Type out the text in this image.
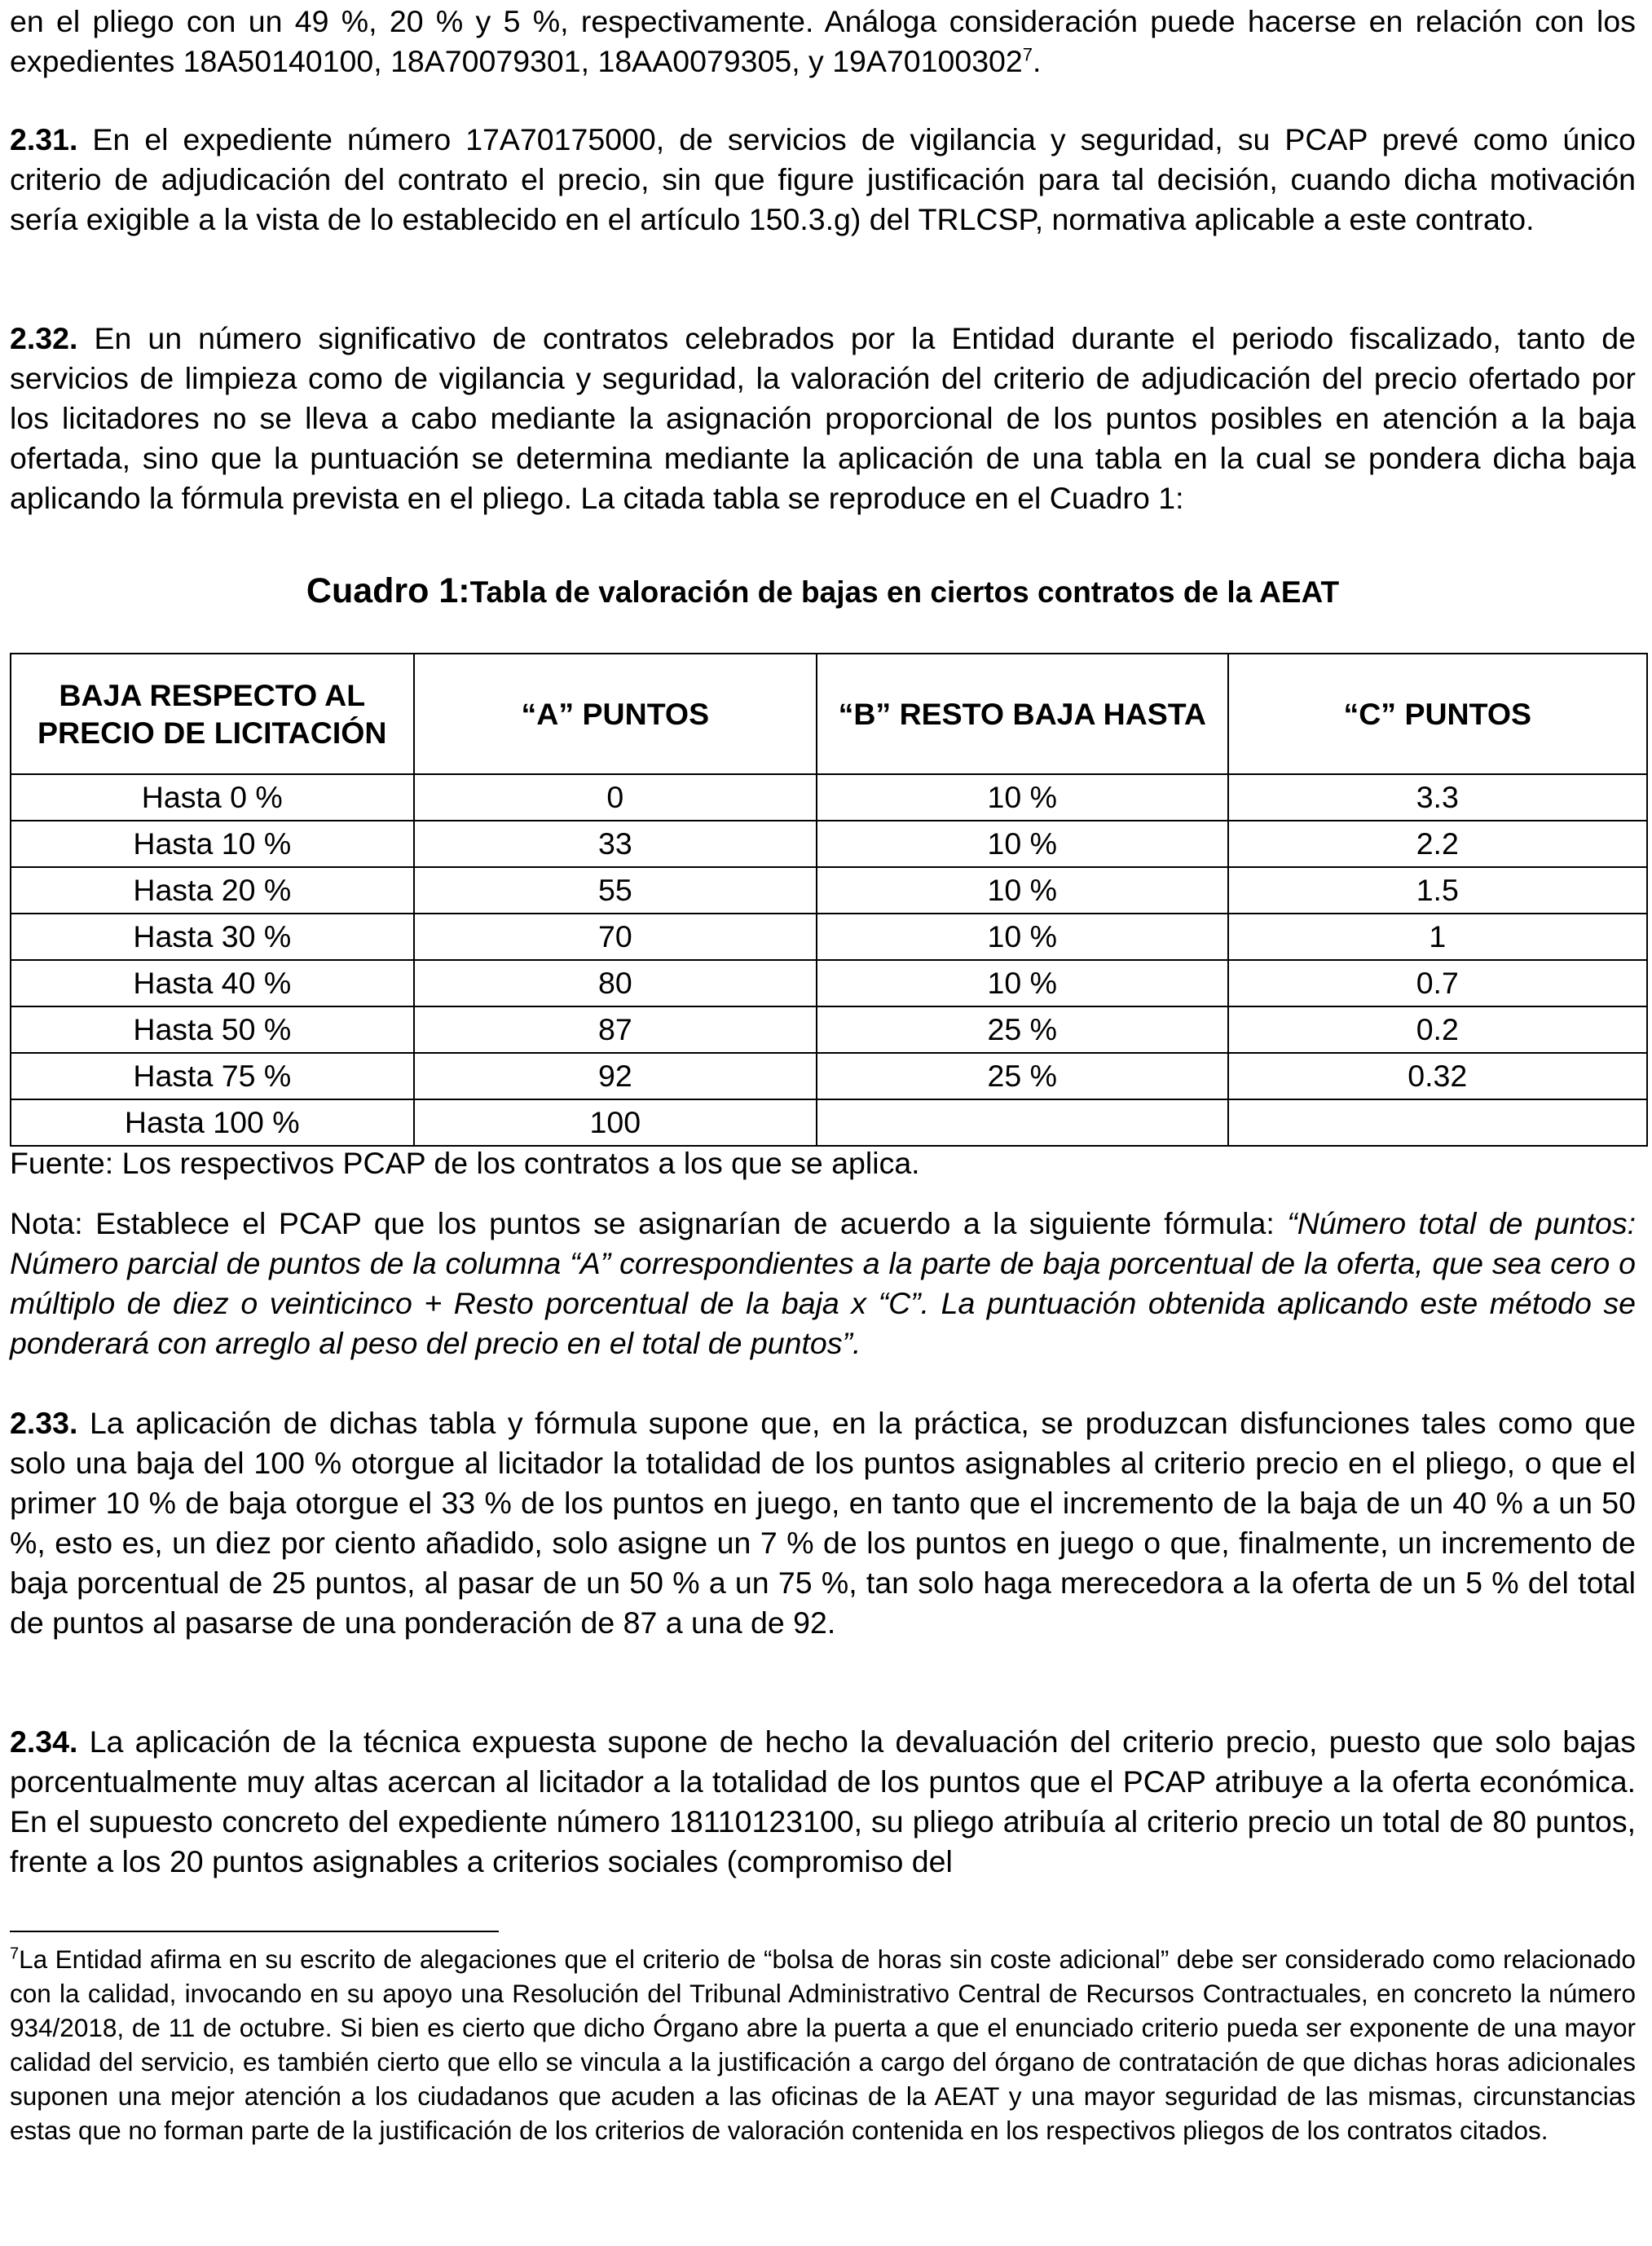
en el pliego con un 49 %, 20 % y 5 %, respectivamente. Análoga consideración puede hacerse en relación con los expedientes 18A50140100, 18A70079301, 18AA0079305, y 19A70100302$^7$.

2.31. En el expediente número 17A70175000, de servicios de vigilancia y seguridad, su PCAP prevé como único criterio de adjudicación del contrato el precio, sin que figure justificación para tal decisión, cuando dicha motivación sería exigible a la vista de lo establecido en el artículo 150.3.g) del TRLCSP, normativa aplicable a este contrato.

2.32. En un número significativo de contratos celebrados por la Entidad durante el periodo fiscalizado, tanto de servicios de limpieza como de vigilancia y seguridad, la valoración del criterio de adjudicación del precio ofertado por los licitadores no se lleva a cabo mediante la asignación proporcional de los puntos posibles en atención a la baja ofertada, sino que la puntuación se determina mediante la aplicación de una tabla en la cual se pondera dicha baja aplicando la fórmula prevista en el pliego. La citada tabla se reproduce en el Cuadro 1:

Cuadro 1:Tabla de valoración de bajas en ciertos contratos de la AEAT
BAJA RESPECTO AL PRECIO DE LICITACIÓN	“A” PUNTOS	“B” RESTO BAJA HASTA	“C” PUNTOS
Hasta 0 %	0	10 %	3.3
Hasta 10 %	33	10 %	2.2
Hasta 20 %	55	10 %	1.5
Hasta 30 %	70	10 %	1
Hasta 40 %	80	10 %	0.7
Hasta 50 %	87	25 %	0.2
Hasta 75 %	92	25 %	0.32
Hasta 100 %	100		

Fuente: Los respectivos PCAP de los contratos a los que se aplica.

Nota: Establece el PCAP que los puntos se asignarían de acuerdo a la siguiente fórmula: “Número total de puntos: Número parcial de puntos de la columna “A” correspondientes a la parte de baja porcentual de la oferta, que sea cero o múltiplo de diez o veinticinco + Resto porcentual de la baja x “C”. La puntuación obtenida aplicando este método se ponderará con arreglo al peso del precio en el total de puntos”.

2.33. La aplicación de dichas tabla y fórmula supone que, en la práctica, se produzcan disfunciones tales como que solo una baja del 100 % otorgue al licitador la totalidad de los puntos asignables al criterio precio en el pliego, o que el primer 10 % de baja otorgue el 33 % de los puntos en juego, en tanto que el incremento de la baja de un 40 % a un 50 %, esto es, un diez por ciento añadido, solo asigne un 7 % de los puntos en juego o que, finalmente, un incremento de baja porcentual de 25 puntos, al pasar de un 50 % a un 75 %, tan solo haga merecedora a la oferta de un 5 % del total de puntos al pasarse de una ponderación de 87 a una de 92.

2.34. La aplicación de la técnica expuesta supone de hecho la devaluación del criterio precio, puesto que solo bajas porcentualmente muy altas acercan al licitador a la totalidad de los puntos que el PCAP atribuye a la oferta económica. En el supuesto concreto del expediente número 18110123100, su pliego atribuía al criterio precio un total de 80 puntos, frente a los 20 puntos asignables a criterios sociales (compromiso del

$^7$La Entidad afirma en su escrito de alegaciones que el criterio de “bolsa de horas sin coste adicional” debe ser considerado como relacionado con la calidad, invocando en su apoyo una Resolución del Tribunal Administrativo Central de Recursos Contractuales, en concreto la número 934/2018, de 11 de octubre. Si bien es cierto que dicho Órgano abre la puerta a que el enunciado criterio pueda ser exponente de una mayor calidad del servicio, es también cierto que ello se vincula a la justificación a cargo del órgano de contratación de que dichas horas adicionales suponen una mejor atención a los ciudadanos que acuden a las oficinas de la AEAT y una mayor seguridad de las mismas, circunstancias estas que no forman parte de la justificación de los criterios de valoración contenida en los respectivos pliegos de los contratos citados.
